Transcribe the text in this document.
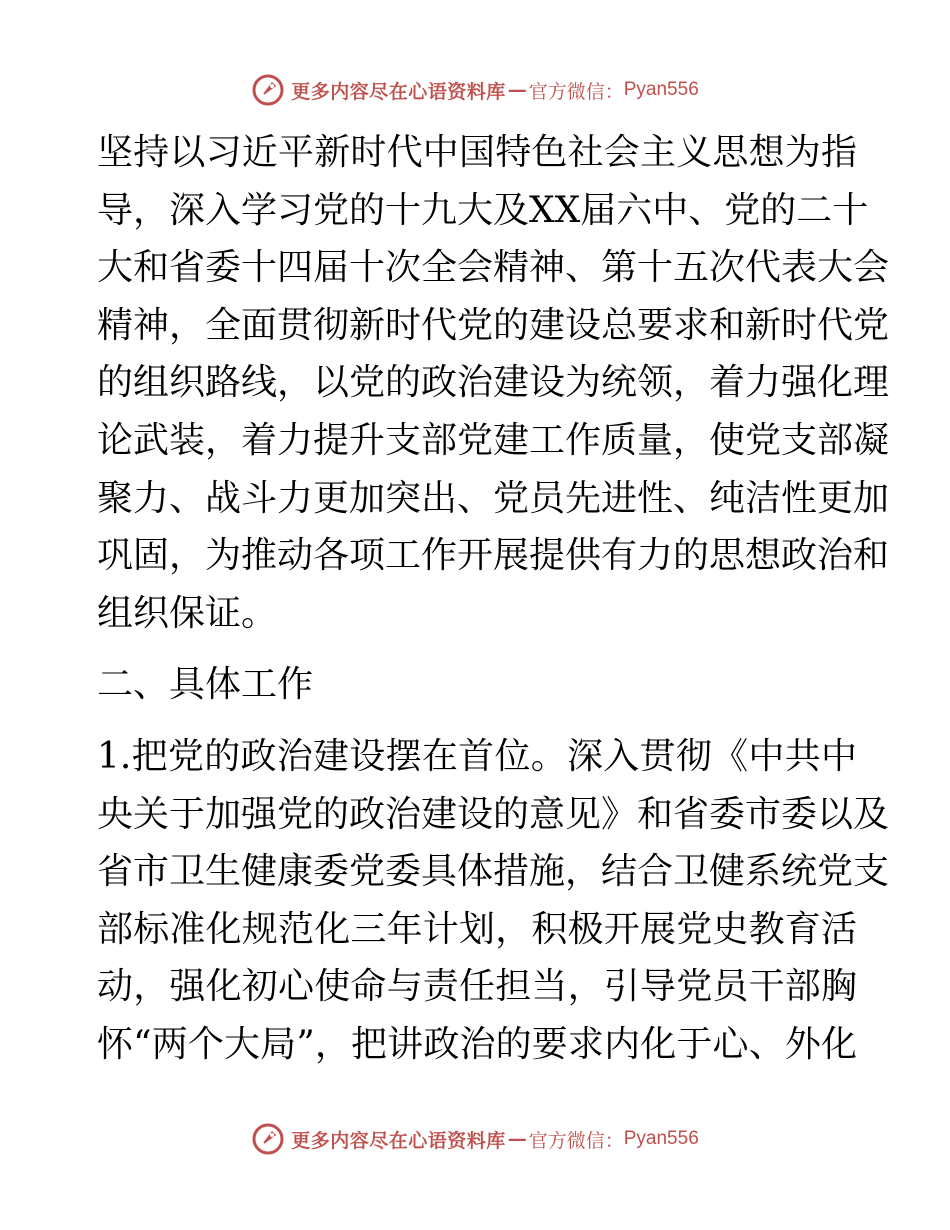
更多内容尽在心语资料库 — 官方微信： Pyan556
坚持以习近平新时代中国特色社会主义思想为指
导，深入学习党的十九大及XX届六中、党的二十
大和省委十四届十次全会精神、第十五次代表大会
精神，全面贯彻新时代党的建设总要求和新时代党
的组织路线，以党的政治建设为统领，着力强化理
论武装，着力提升支部党建工作质量，使党支部凝
聚力、战斗力更加突出、党员先进性、纯洁性更加
巩固，为推动各项工作开展提供有力的思想政治和
组织保证。
二、具体工作
1.把党的政治建设摆在首位。深入贯彻《中共中
央关于加强党的政治建设的意见》和省委市委以及
省市卫生健康委党委具体措施，结合卫健系统党支
部标准化规范化三年计划，积极开展党史教育活
动，强化初心使命与责任担当，引导党员干部胸
怀“两个大局”，把讲政治的要求内化于心、外化
更多内容尽在心语资料库 — 官方微信： Pyan556
